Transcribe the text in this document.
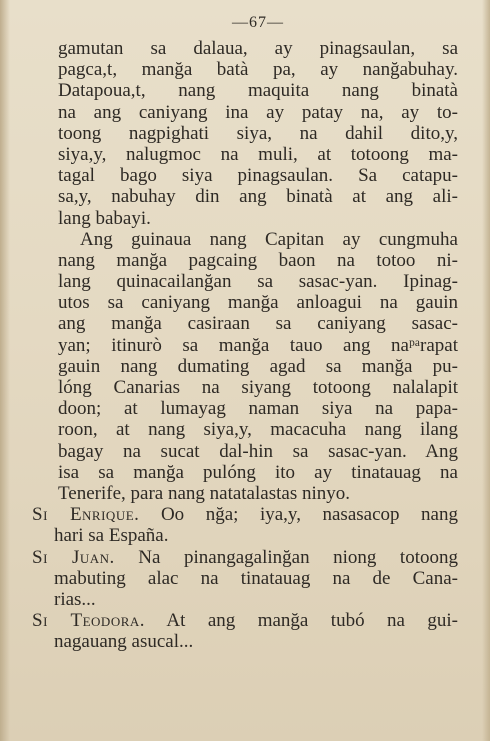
—67—
gamutan sa dalaua, ay pinagsaulan, sa
pagca,t, manğa batà pa, ay nanğabuhay.
Datapoua,t, nang maquita nang binatà
na ang caniyang ina ay patay na, ay to-
toong nagpighati siya, na dahil dito,y,
siya,y, nalugmoc na muli, at totoong ma-
tagal bago siya pinagsaulan. Sa catapu-
sa,y, nabuhay din ang binatà at ang ali-
lang babayi.
Ang guinaua nang Capitan ay cungmuha
nang manğa pagcaing baon na totoo ni-
lang quinacailanğan sa sasac-yan. Ipinag-
utos sa caniyang manğa anloagui na gauin
ang manğa casiraan sa caniyang sasac-
yan; itinurò sa manğa tauo ang naᵖᵃrapat
gauin nang dumating agad sa manğa pu-
lóng Canarias na siyang totoong nalalapit
doon; at lumayag naman siya na papa-
roon, at nang siya,y, macacuha nang ilang
bagay na sucat dal-hin sa sasac-yan. Ang
isa sa manğa pulóng ito ay tinatauag na
Tenerife, para nang natatalastas ninyo.
Si Enrique. Oo nğa; iya,y, nasasacop nang
hari sa España.
Si Juan. Na pinangagalinğan niong totoong
mabuting alac na tinatauag na de Cana-
rias...
Si Teodora. At ang manğa tubó na gui-
nagauang asucal...
